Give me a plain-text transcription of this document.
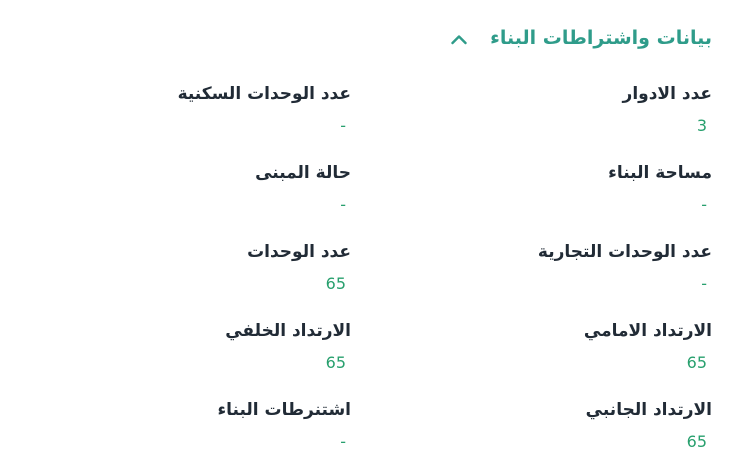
بيانات واشتراطات البناء
عدد الادوار
3
عدد الوحدات السكنية
-
مساحة البناء
-
حالة المبنى
-
عدد الوحدات التجارية
-
عدد الوحدات
65
الارتداد الامامي
65
الارتداد الخلفي
65
الارتداد الجانبي
65
اشتنرطات البناء
-
